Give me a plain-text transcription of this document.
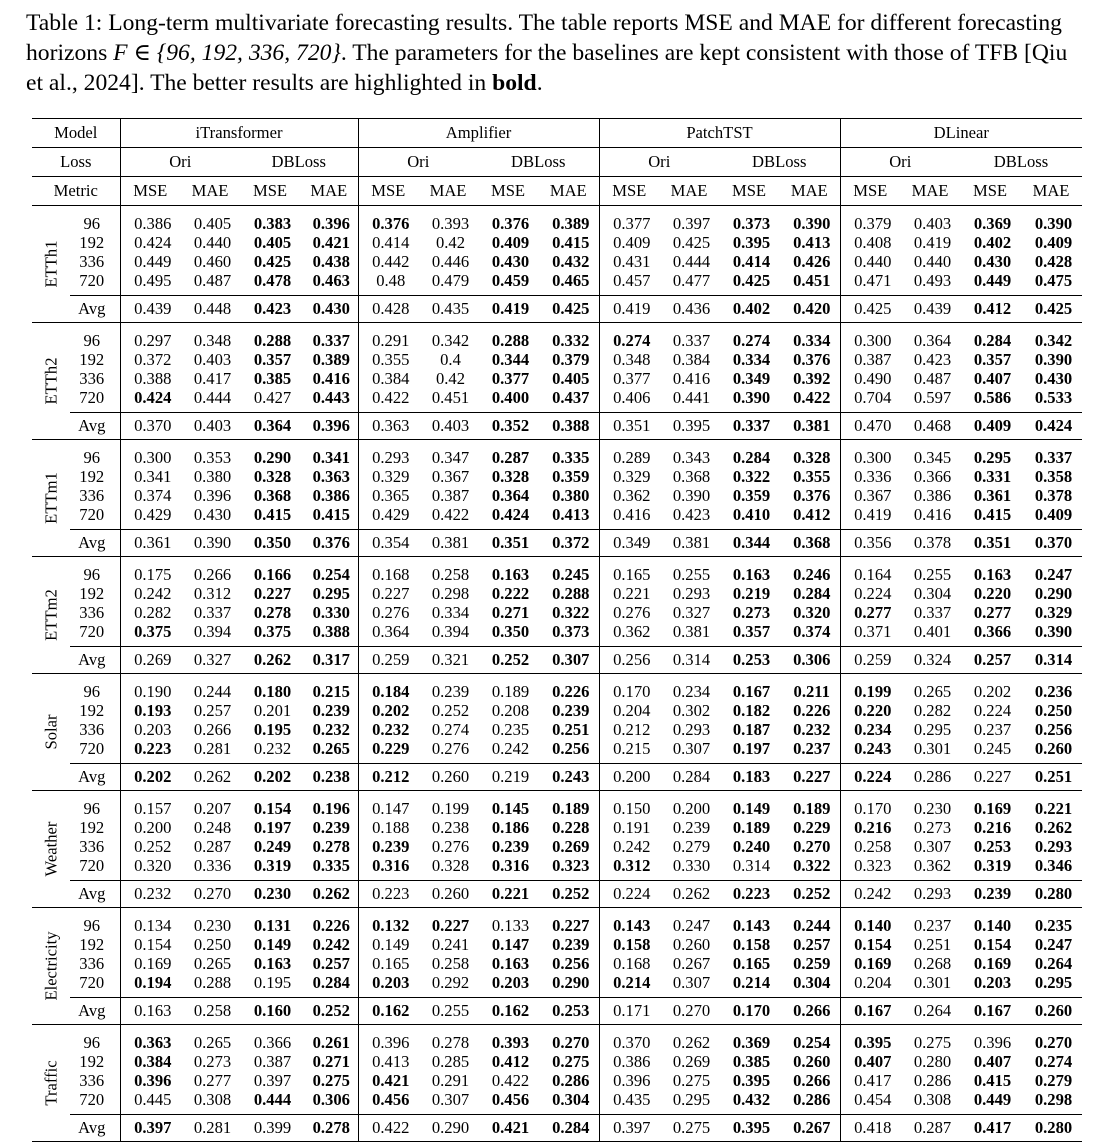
Table 1: Long-term multivariate forecasting results. The table reports MSE and MAE for different forecasting horizons F ∈ {96, 192, 336, 720}. The parameters for the baselines are kept consistent with those of TFB [Qiu et al., 2024]. The better results are highlighted in bold.
Model		iTransformer				Amplifier				PatchTST				DLinear			
Loss		Ori		DBLoss		Ori		DBLoss		Ori		DBLoss		Ori		DBLoss	
Metric		MSE	MAE	MSE	MAE	MSE	MAE	MSE	MAE	MSE	MAE	MSE	MAE	MSE	MAE	MSE	MAE

ETTh1	96	0.386	0.405	0.383	0.396	0.376	0.393	0.376	0.389	0.377	0.397	0.373	0.390	0.379	0.403	0.369	0.390
	192	0.424	0.440	0.405	0.421	0.414	0.42	0.409	0.415	0.409	0.425	0.395	0.413	0.408	0.419	0.402	0.409
	336	0.449	0.460	0.425	0.438	0.442	0.446	0.430	0.432	0.431	0.444	0.414	0.426	0.440	0.440	0.430	0.428
	720	0.495	0.487	0.478	0.463	0.48	0.479	0.459	0.465	0.457	0.477	0.425	0.451	0.471	0.493	0.449	0.475
	Avg	0.439	0.448	0.423	0.430	0.428	0.435	0.419	0.425	0.419	0.436	0.402	0.420	0.425	0.439	0.412	0.425

ETTh2	96	0.297	0.348	0.288	0.337	0.291	0.342	0.288	0.332	0.274	0.337	0.274	0.334	0.300	0.364	0.284	0.342
	192	0.372	0.403	0.357	0.389	0.355	0.4	0.344	0.379	0.348	0.384	0.334	0.376	0.387	0.423	0.357	0.390
	336	0.388	0.417	0.385	0.416	0.384	0.42	0.377	0.405	0.377	0.416	0.349	0.392	0.490	0.487	0.407	0.430
	720	0.424	0.444	0.427	0.443	0.422	0.451	0.400	0.437	0.406	0.441	0.390	0.422	0.704	0.597	0.586	0.533
	Avg	0.370	0.403	0.364	0.396	0.363	0.403	0.352	0.388	0.351	0.395	0.337	0.381	0.470	0.468	0.409	0.424

ETTm1	96	0.300	0.353	0.290	0.341	0.293	0.347	0.287	0.335	0.289	0.343	0.284	0.328	0.300	0.345	0.295	0.337
	192	0.341	0.380	0.328	0.363	0.329	0.367	0.328	0.359	0.329	0.368	0.322	0.355	0.336	0.366	0.331	0.358
	336	0.374	0.396	0.368	0.386	0.365	0.387	0.364	0.380	0.362	0.390	0.359	0.376	0.367	0.386	0.361	0.378
	720	0.429	0.430	0.415	0.415	0.429	0.422	0.424	0.413	0.416	0.423	0.410	0.412	0.419	0.416	0.415	0.409
	Avg	0.361	0.390	0.350	0.376	0.354	0.381	0.351	0.372	0.349	0.381	0.344	0.368	0.356	0.378	0.351	0.370

ETTm2	96	0.175	0.266	0.166	0.254	0.168	0.258	0.163	0.245	0.165	0.255	0.163	0.246	0.164	0.255	0.163	0.247
	192	0.242	0.312	0.227	0.295	0.227	0.298	0.222	0.288	0.221	0.293	0.219	0.284	0.224	0.304	0.220	0.290
	336	0.282	0.337	0.278	0.330	0.276	0.334	0.271	0.322	0.276	0.327	0.273	0.320	0.277	0.337	0.277	0.329
	720	0.375	0.394	0.375	0.388	0.364	0.394	0.350	0.373	0.362	0.381	0.357	0.374	0.371	0.401	0.366	0.390
	Avg	0.269	0.327	0.262	0.317	0.259	0.321	0.252	0.307	0.256	0.314	0.253	0.306	0.259	0.324	0.257	0.314

Solar	96	0.190	0.244	0.180	0.215	0.184	0.239	0.189	0.226	0.170	0.234	0.167	0.211	0.199	0.265	0.202	0.236
	192	0.193	0.257	0.201	0.239	0.202	0.252	0.208	0.239	0.204	0.302	0.182	0.226	0.220	0.282	0.224	0.250
	336	0.203	0.266	0.195	0.232	0.232	0.274	0.235	0.251	0.212	0.293	0.187	0.232	0.234	0.295	0.237	0.256
	720	0.223	0.281	0.232	0.265	0.229	0.276	0.242	0.256	0.215	0.307	0.197	0.237	0.243	0.301	0.245	0.260
	Avg	0.202	0.262	0.202	0.238	0.212	0.260	0.219	0.243	0.200	0.284	0.183	0.227	0.224	0.286	0.227	0.251

Weather	96	0.157	0.207	0.154	0.196	0.147	0.199	0.145	0.189	0.150	0.200	0.149	0.189	0.170	0.230	0.169	0.221
	192	0.200	0.248	0.197	0.239	0.188	0.238	0.186	0.228	0.191	0.239	0.189	0.229	0.216	0.273	0.216	0.262
	336	0.252	0.287	0.249	0.278	0.239	0.276	0.239	0.269	0.242	0.279	0.240	0.270	0.258	0.307	0.253	0.293
	720	0.320	0.336	0.319	0.335	0.316	0.328	0.316	0.323	0.312	0.330	0.314	0.322	0.323	0.362	0.319	0.346
	Avg	0.232	0.270	0.230	0.262	0.223	0.260	0.221	0.252	0.224	0.262	0.223	0.252	0.242	0.293	0.239	0.280

Electricity	96	0.134	0.230	0.131	0.226	0.132	0.227	0.133	0.227	0.143	0.247	0.143	0.244	0.140	0.237	0.140	0.235
	192	0.154	0.250	0.149	0.242	0.149	0.241	0.147	0.239	0.158	0.260	0.158	0.257	0.154	0.251	0.154	0.247
	336	0.169	0.265	0.163	0.257	0.165	0.258	0.163	0.256	0.168	0.267	0.165	0.259	0.169	0.268	0.169	0.264
	720	0.194	0.288	0.195	0.284	0.203	0.292	0.203	0.290	0.214	0.307	0.214	0.304	0.204	0.301	0.203	0.295
	Avg	0.163	0.258	0.160	0.252	0.162	0.255	0.162	0.253	0.171	0.270	0.170	0.266	0.167	0.264	0.167	0.260

Traffic	96	0.363	0.265	0.366	0.261	0.396	0.278	0.393	0.270	0.370	0.262	0.369	0.254	0.395	0.275	0.396	0.270
	192	0.384	0.273	0.387	0.271	0.413	0.285	0.412	0.275	0.386	0.269	0.385	0.260	0.407	0.280	0.407	0.274
	336	0.396	0.277	0.397	0.275	0.421	0.291	0.422	0.286	0.396	0.275	0.395	0.266	0.417	0.286	0.415	0.279
	720	0.445	0.308	0.444	0.306	0.456	0.307	0.456	0.304	0.435	0.295	0.432	0.286	0.454	0.308	0.449	0.298
	Avg	0.397	0.281	0.399	0.278	0.422	0.290	0.421	0.284	0.397	0.275	0.395	0.267	0.418	0.287	0.417	0.280
